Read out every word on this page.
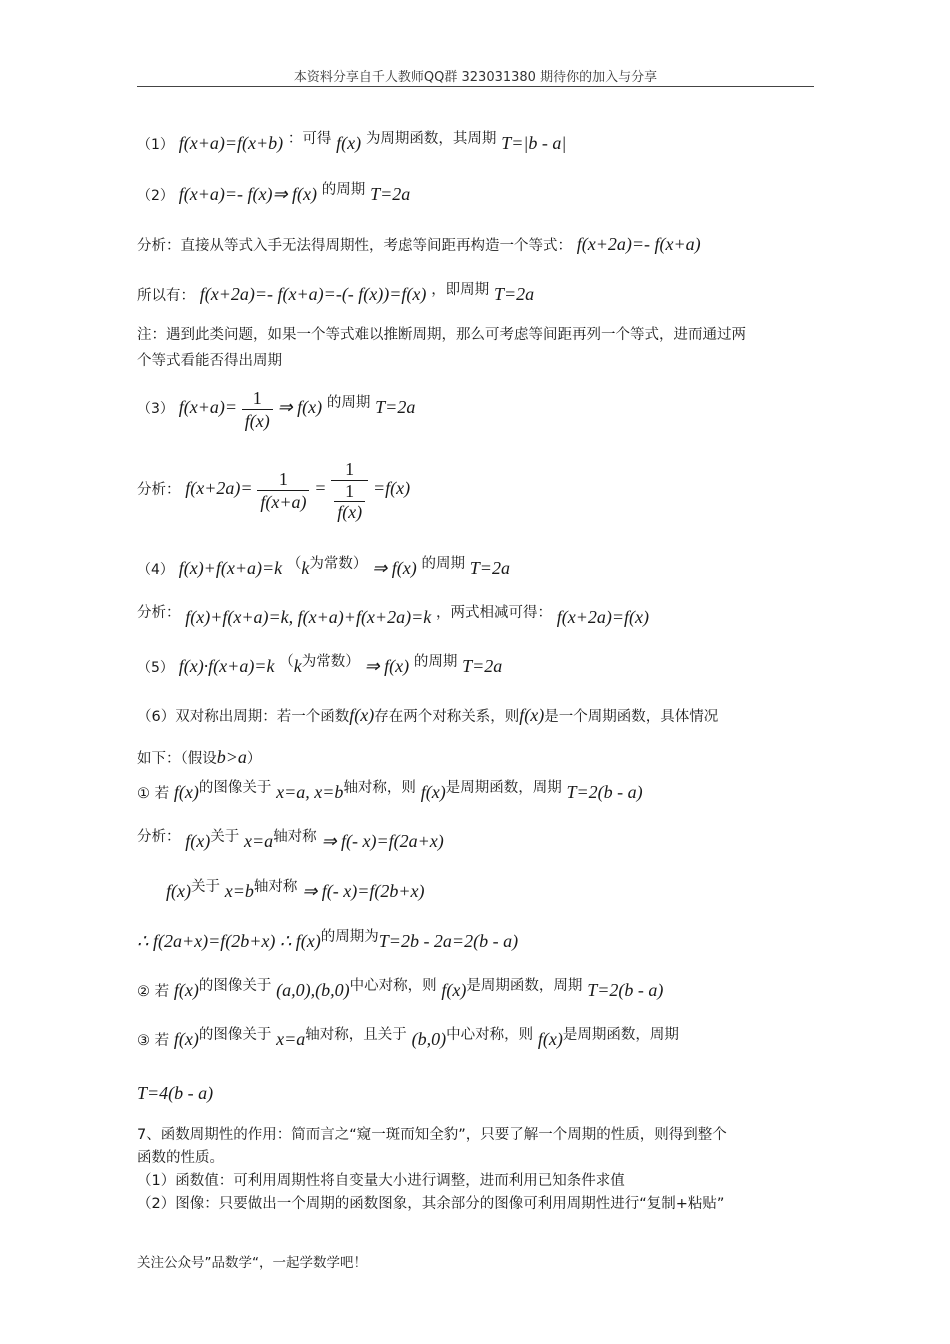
本资料分享自千人教师QQ群 323031380 期待你的加入与分享
（1） f(x+a)=f(x+b) ：可得 f(x) 为周期函数，其周期 T=|b - a|
（2） f(x+a)=- f(x)⇒ f(x) 的周期 T=2a
分析：直接从等式入手无法得周期性，考虑等间距再构造一个等式： f(x+2a)=- f(x+a)
所以有： f(x+2a)=- f(x+a)=-(- f(x))=f(x) ，即周期 T=2a
注：遇到此类问题，如果一个等式难以推断周期，那么可考虑等间距再列一个等式，进而通过两
个等式看能否得出周期
（3） $f(x+a)= \frac{1}{f(x)}$ ⇒ f(x) 的周期 T=2a
分析： $f(x+2a)= \frac{1}{f(x+a)} = \frac{1}{\frac{1}{f(x)}} =f(x)$
（4） f(x)+f(x+a)=k （k为常数） ⇒ f(x) 的周期 T=2a
分析： f(x)+f(x+a)=k, f(x+a)+f(x+2a)=k ，两式相减可得： f(x+2a)=f(x)
（5） f(x)·f(x+a)=k （k为常数） ⇒ f(x) 的周期 T=2a
（6）双对称出周期：若一个函数f(x)存在两个对称关系，则f(x)是一个周期函数，具体情况
如下：（假设b>a）
① 若 f(x)的图像关于 x=a, x=b轴对称，则 f(x)是周期函数，周期 T=2(b - a)
分析： f(x)关于 x=a轴对称 ⇒ f(- x)=f(2a+x)
f(x)关于 x=b轴对称 ⇒ f(- x)=f(2b+x)
∴ f(2a+x)=f(2b+x) ∴ f(x)的周期为T=2b - 2a=2(b - a)
② 若 f(x)的图像关于 (a,0),(b,0)中心对称，则 f(x)是周期函数，周期 T=2(b - a)
③ 若 f(x)的图像关于 x=a轴对称，且关于 (b,0)中心对称，则 f(x)是周期函数，周期
T=4(b - a)
7、函数周期性的作用：简而言之“窥一斑而知全豹”，只要了解一个周期的性质，则得到整个
函数的性质。
（1）函数值：可利用周期性将自变量大小进行调整，进而利用已知条件求值
（2）图像：只要做出一个周期的函数图象，其余部分的图像可利用周期性进行“复制+粘贴”
关注公众号”品数学“，一起学数学吧！
